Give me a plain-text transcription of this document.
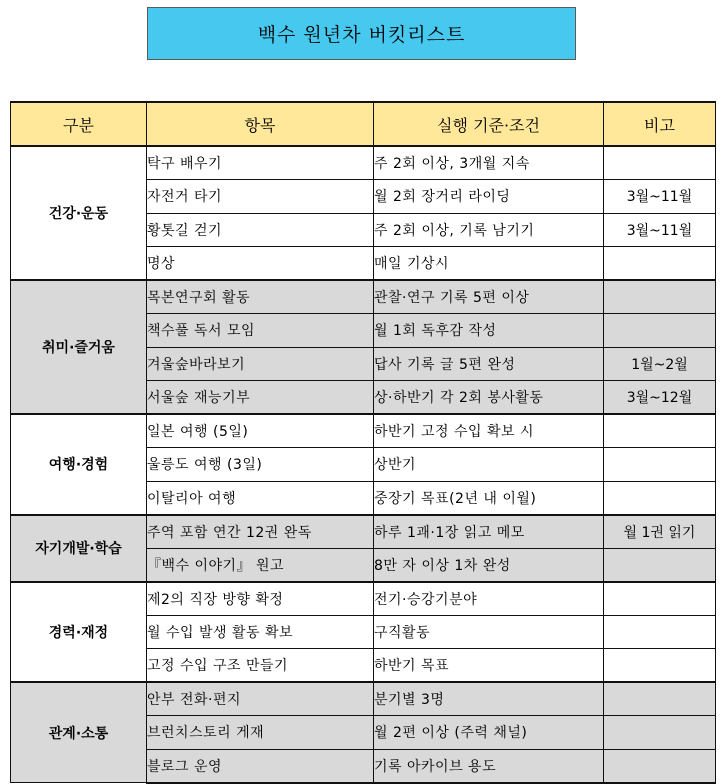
백수 원년차 버킷리스트
구분	항목	실행 기준·조건	비고
건강·운동	탁구 배우기	주 2회 이상, 3개월 지속	
	자전거 타기	월 2회 장거리 라이딩	3월~11월
	황톳길 걷기	주 2회 이상, 기록 남기기	3월~11월
	명상	매일 기상시	
취미·즐거움	목본연구회 활동	관찰·연구 기록 5편 이상	
	책수풀 독서 모임	월 1회 독후감 작성	
	겨울숲바라보기	답사 기록 글 5편 완성	1월~2월
	서울숲 재능기부	상·하반기 각 2회 봉사활동	3월~12월
여행·경험	일본 여행 (5일)	하반기 고정 수입 확보 시	
	울릉도 여행 (3일)	상반기	
	이탈리아 여행	중장기 목표(2년 내 이월)	
자기개발·학습	주역 포함 연간 12권 완독	하루 1괘·1장 읽고 메모	월 1권 읽기
	『백수 이야기』 원고	8만 자 이상 1차 완성	
경력·재정	제2의 직장 방향 확정	전기·승강기분야	
	월 수입 발생 활동 확보	구직활동	
	고정 수입 구조 만들기	하반기 목표	
관계·소통	안부 전화·편지	분기별 3명	
	브런치스토리 게재	월 2편 이상 (주력 채널)	
	블로그 운영	기록 아카이브 용도	
